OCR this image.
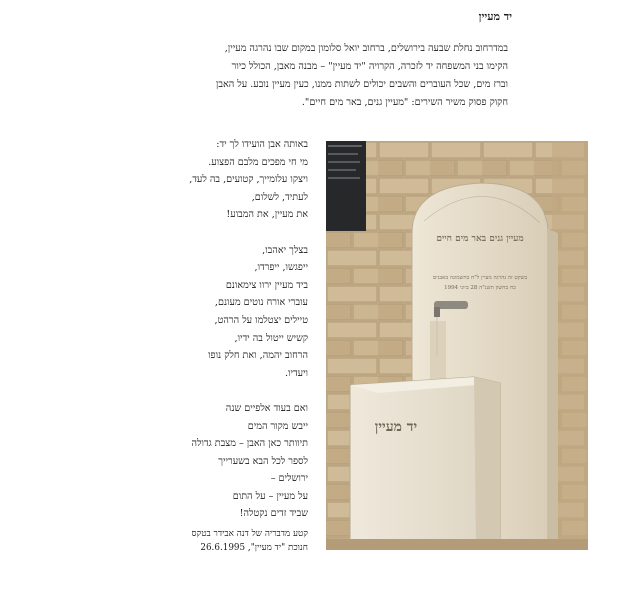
יד מעיין
במדרחוב נחלת שבעה בירושלים, ברחוב יואל סלומון במקום שבו נהרגה מעיין,
הקימו בני המשפחה יד לזכרה, הקרויה "יד מעיין" – מבנה מאבן, הכולל כיור
וברז מים, שכל העוברים והשבים יכולים לשתות ממנו, כעין מעיין נובע. על האבן
חקוק פסוק משיר השירים: "מעיין גנים, באר מים חיים".
באותה אבן הועידו לך יד:
מי חי מפכים מלבם הפצוע.
ויצקו עלומייך, קטועים, בה לעד,
לעתיד, לשלום,
את מעיין, את המבוע!
בצלך יאהבו,
ייפגשו, ייפרדו,
ביד מעיין ירוו צימאונם
עוברי אורח נוטים מעונם,
טיילים יצטלמו על הרהט,
קשיש ייטול בה ידיו,
הרחוב יהמה, ואת חלק נופו
ויעדיו.
ואם בעוד אלפיים שנה
ייבש מקור המים
תיוותר כאן האבן – מצבת גדולה
לספר לכל הבא בשערייך
ירושלים –
על מעיין – על התום
שביד זדים נקטלה!
קטע מדבריה של דנה אבידר בטקס
חנוכת "יד מעיין", 26.6.1995
מעיין גנים באר מים חיים
בשקט זה נהרגה מעיין ל"ח בחשמונה באבנים
כח בחשון תשנ"ה 28 ביוני 1994
יד מעיין
